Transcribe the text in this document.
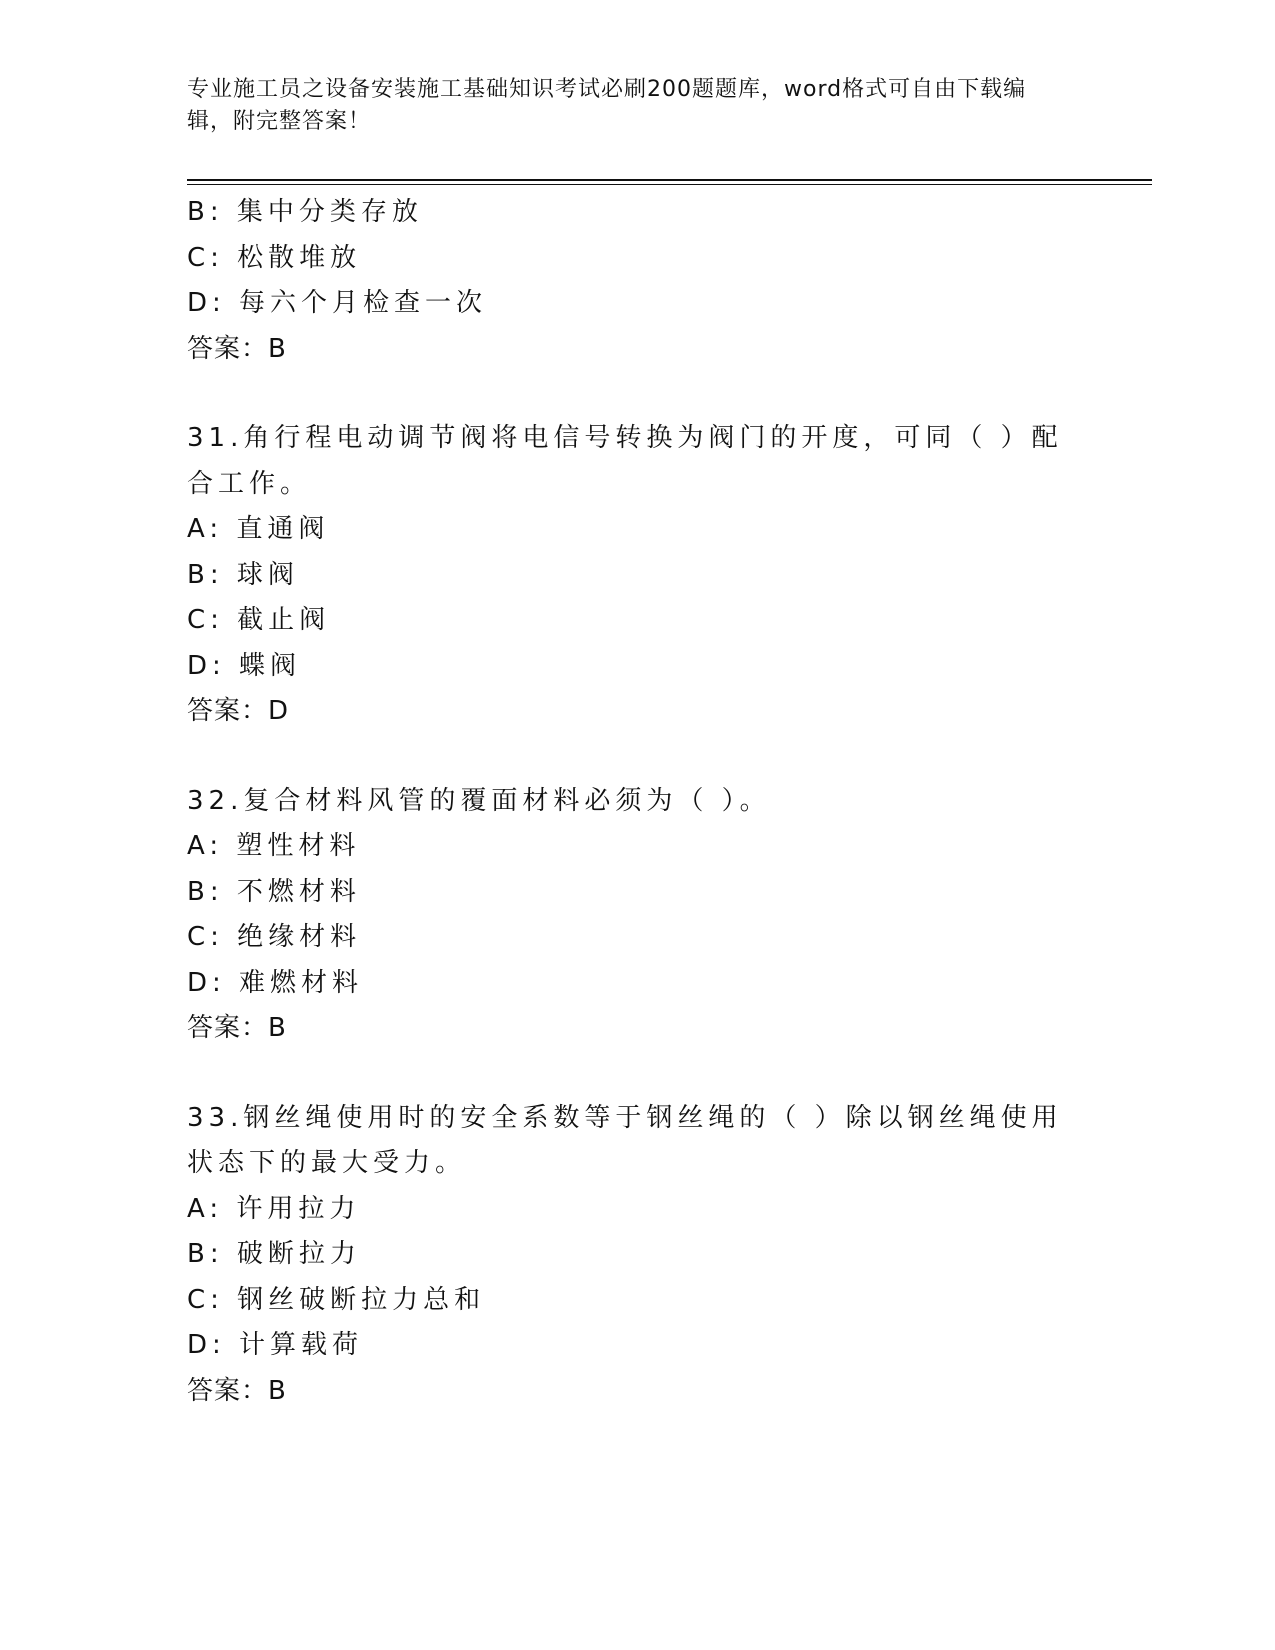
专业施工员之设备安装施工基础知识考试必刷200题题库，word格式可自由下载编辑，附完整答案！
B: 集中分类存放
C: 松散堆放
D: 每六个月检查一次
答案：B
31.角行程电动调节阀将电信号转换为阀门的开度，可同（ ）配合工作。
A: 直通阀
B: 球阀
C: 截止阀
D: 蝶阀
答案：D
32.复合材料风管的覆面材料必须为（ ）。
A: 塑性材料
B: 不燃材料
C: 绝缘材料
D: 难燃材料
答案：B
33.钢丝绳使用时的安全系数等于钢丝绳的（ ）除以钢丝绳使用状态下的最大受力。
A: 许用拉力
B: 破断拉力
C: 钢丝破断拉力总和
D: 计算载荷
答案：B
